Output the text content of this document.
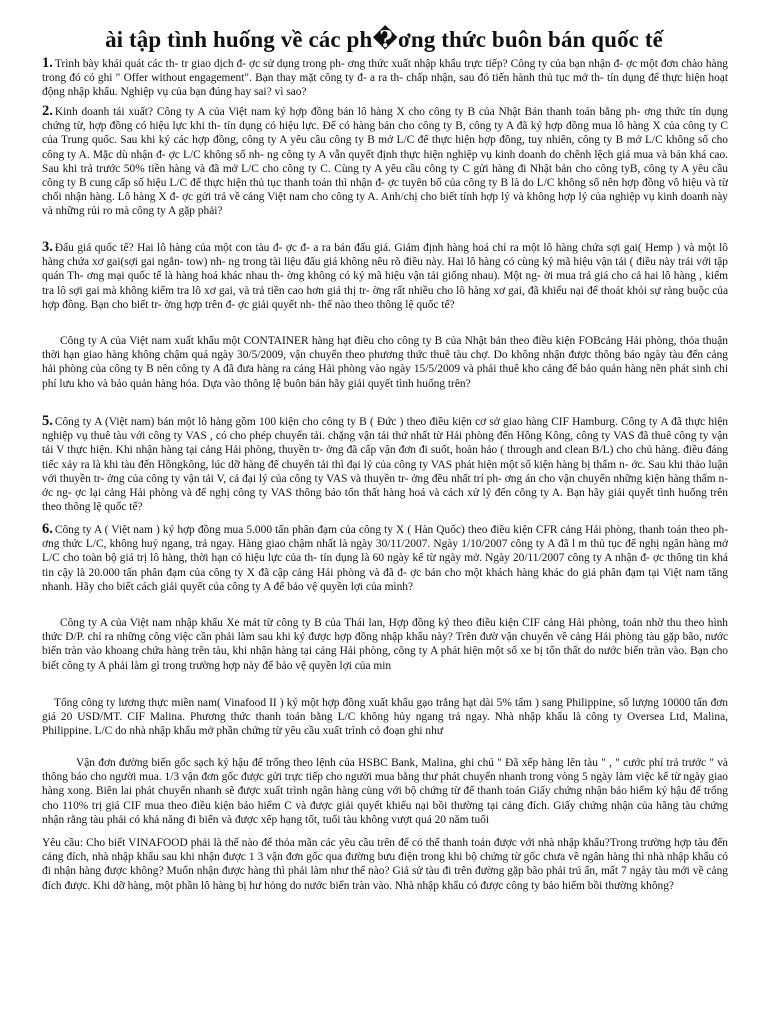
ài tập tình huống về các ph�ơng thức buôn bán quốc tế
1. Trình bày khái quát các th- tr giao dịch đ- ợc sử dụng trong ph- ơng thức xuất nhập khẩu trực tiếp? Công ty của bạn nhận đ- ợc một đơn chào hàng trong đó có ghi " Offer without engagement". Bạn thay mặt công ty đ- a ra th- chấp nhận, sau đó tiến hành thủ tục mở th- tín dụng để thực hiện hoạt động nhập khẩu. Nghiệp vụ của bạn đúng hay sai? vì sao?
2. Kinh doanh tái xuất? Công ty A của Việt nam ký hợp đồng bán lô hàng X cho công ty B của Nhật Bản thanh toán bằng ph- ơng thức tín dụng chứng từ, hợp đồng có hiệu lực khi th- tín dụng có hiệu lực. Để có hàng bán cho công ty B, công ty A đã ký hợp đồng mua lô hàng X của công ty C của Trung quốc. Sau khi ký các hợp đồng, công ty A yêu cầu công ty B mở L/C để thực hiện hợp đồng, tuy nhiên, công ty B mở L/C không số cho công ty A. Mặc dù nhận đ- ợc L/C không số nh- ng công ty A vẫn quyết định thực hiện nghiệp vụ kinh doanh do chênh lệch giá mua và bán khá cao. Sau khi trả trước 50% tiền hàng và đã mở L/C cho công ty C. Cùng ty A yêu cầu công ty C gửi hàng đi Nhật bản cho công tyB, công ty A yêu cầu công ty B cung cấp số hiệu L/C để thực hiện thủ tục thanh toán thì nhận đ- ợc tuyên bố của công ty B là do L/C không số nên hợp đồng vô hiệu và từ chối nhận hàng. Lô hàng X đ- ợc gửi trả về cảng Việt nam cho công ty A. Anh/chị cho biết tính hợp lý và không hợp lý của nghiệp vụ kinh doanh này và những rủi ro mà công ty A gặp phải?
3. Đấu giá quốc tế? Hai lô hàng của một con tàu đ- ợc đ- a ra bán đấu giá. Giám định hàng hoá chỉ ra một lô hàng chứa sợi gai( Hemp ) và một lô hàng chứa xơ gai(sợi gai ngắn- tow) nh- ng trong tài liệu đấu giá không nêu rõ điều này. Hai lô hàng có cùng ký mã hiệu vận tải ( điều này trái với tập quán Th- ơng mại quốc tế là hàng hoá khác nhau th- ờng không có ký mã hiệu vận tải giống nhau). Một ng- ời mua trả giá cho cả hai lô hàng , kiểm tra lô sợi gai mà không kiểm tra lô xơ gai, và trả tiền cao hơn giá thị tr- ờng rất nhiều cho lô hàng xơ gai, đã khiếu nại để thoát khỏi sự ràng buộc của hợp đồng. Bạn cho biết tr- ờng hợp trên đ- ợc giải quyết nh- thế nào theo thông lệ quốc tế?
Công ty A của Việt nam xuất khẩu một CONTAINER hàng hạt điều cho công ty B của Nhật bản theo điều kiện FOBcảng Hải phòng, thỏa thuận thời hạn giao hàng không chậm quá ngày 30/5/2009, vận chuyển theo phương thức thuê tàu chợ. Do không nhận được thông báo ngày tàu đến cảng hải phòng của công ty B nên công ty A đã đưa hàng ra cảng Hải phòng vào ngày 15/5/2009 và phải thuê kho cảng để bảo quản hàng nên phát sinh chi phí lưu kho và bảo quản hàng hóa. Dựa vào thông lệ buôn bán hãy giải quyết tình huống trên?
5. Công ty A (Việt nam) bán một lô hàng gồm 100 kiện cho công ty B ( Đức ) theo điều kiện cơ sở giao hàng CIF Hamburg. Công ty A đã thực hiện nghiệp vụ thuê tàu với công ty VAS , có cho phép chuyển tải. chặng vận tải thứ nhất từ Hải phòng đến Hồng Kông, công ty VAS đã thuê công ty vận tải V thực hiện. Khi nhận hàng tại cảng Hải phòng, thuyền tr- ởng đã cấp vận đơn đi suốt, hoàn hảo ( through and clean B/L) cho chủ hàng. điều đáng tiếc xảy ra là khi tàu đến Hồngkông, lúc dỡ hàng để chuyển tải thì đại lý của công ty VAS phát hiện một số kiện hàng bị thấm n- ớc. Sau khi thảo luận với thuyền tr- ởng của công ty vận tải V, cả đại lý của công ty VAS và thuyền tr- ởng đều nhất trí ph- ơng án cho vận chuyển những kiện hàng thấm n- ớc ng- ợc lại cảng Hải phòng và để nghị công ty VAS thông báo tổn thất hàng hoá và cách xử lý đến công ty A. Bạn hãy giải quyết tình huống trên theo thông lệ quốc tế?
6. Công ty A ( Việt nam ) ký hợp đồng mua 5.000 tấn phân đạm của công ty X ( Hàn Quốc) theo điều kiện CFR cảng Hải phòng, thanh toán theo ph- ơng thức L/C, không huỷ ngang, trả ngay. Hàng giao chậm nhất là ngày 30/11/2007. Ngày 1/10/2007 công ty A đã l m thủ tục để nghị ngân hàng mở L/C cho toàn bộ giá trị lô hàng, thời hạn có hiệu lực của th- tín dụng là 60 ngày kể từ ngày mở. Ngày 20/11/2007 công ty A nhận đ- ợc thông tin khá tin cậy là 20.000 tấn phân đạm của công ty X đã cập cảng Hải phòng và đã đ- ợc bán cho một khách hàng khác do giá phân đạm tại Việt nam tăng nhanh. Hãy cho biết cách giải quyết của công ty A để bảo vệ quyền lợi của mình?
Công ty A của Việt nam nhập khẩu Xe mát từ công ty B của Thái lan, Hợp đồng ký theo điều kiện CIF cảng Hải phòng, toán nhờ thu theo hình thức D/P. chỉ ra những công việc cần phải làm sau khi ký được hợp đồng nhập khẩu này? Trên đườ vận chuyển về cảng Hải phòng tàu gặp bão, nước biển tràn vào khoang chứa hàng trên tàu, khi nhận hàng tại cảng Hải phòng, công ty A phát hiện một số xe bị tổn thất do nước biển tràn vào. Bạn cho biết công ty A phải làm gì trong trường hợp này để bảo vệ quyền lợi của min
Tổng công ty lương thực miền nam( Vinafood II ) ký một hợp đồng xuất khẩu gạo trắng hạt dài 5% tấm ) sang Philippine, số lượng 10000 tấn đơn giá 20 USD/MT. CIF Malina. Phương thức thanh toán bằng L/C không hủy ngang trả ngay. Nhà nhập khẩu là công ty Oversea Ltd, Malina, Philippine. L/C do nhà nhập khẩu mở phần chứng từ yêu cầu xuất trình có đoạn ghi như
Vận đơn đường biển gốc sạch ký hậu để trống theo lệnh của HSBC Bank, Malina, ghi chú " Đã xếp hàng lên tàu " , " cước phí trả trước " và thông báo cho người mua. 1/3 vận đơn gốc được gửi trực tiếp cho người mua bằng thư phát chuyển nhanh trong vòng 5 ngày làm việc kể từ ngày giao hàng xong. Biên lai phát chuyển nhanh sẽ được xuất trình ngân hàng cùng với bộ chứng từ để thanh toán Giấy chứng nhận bảo hiểm ký hậu để trống cho 110% trị giá CIF mua theo điều kiện bảo hiểm C và được giải quyết khiếu nại bồi thường tại cảng đích. Giấy chứng nhận của hãng tàu chứng nhận rằng tàu phải có khả năng đi biển và được xếp hạng tốt, tuổi tàu không vượt quá 20 năm tuổi
Yêu cầu: Cho biết VINAFOOD phải là thế nào để thỏa mãn các yêu cầu trên để có thể thanh toán được với nhà nhập khẩu?Trong trường hợp tàu đến cảng đích, nhà nhập khẩu sau khi nhận được 1 3 vận đơn gốc qua đường bưu điện trong khi bộ chứng từ gốc chưa về ngân hàng thì nhà nhập khẩu có đi nhận hàng được không? Muốn nhận được hàng thì phải làm như thế nào? Giả sử tàu đi trên đường gặp bão phải trú ẩn, mất 7 ngày tàu mới về cảng đích được. Khi dỡ hàng, một phần lô hàng bị hư hỏng do nước biển tràn vào. Nhà nhập khẩu có được công ty bảo hiểm bồi thường không?
